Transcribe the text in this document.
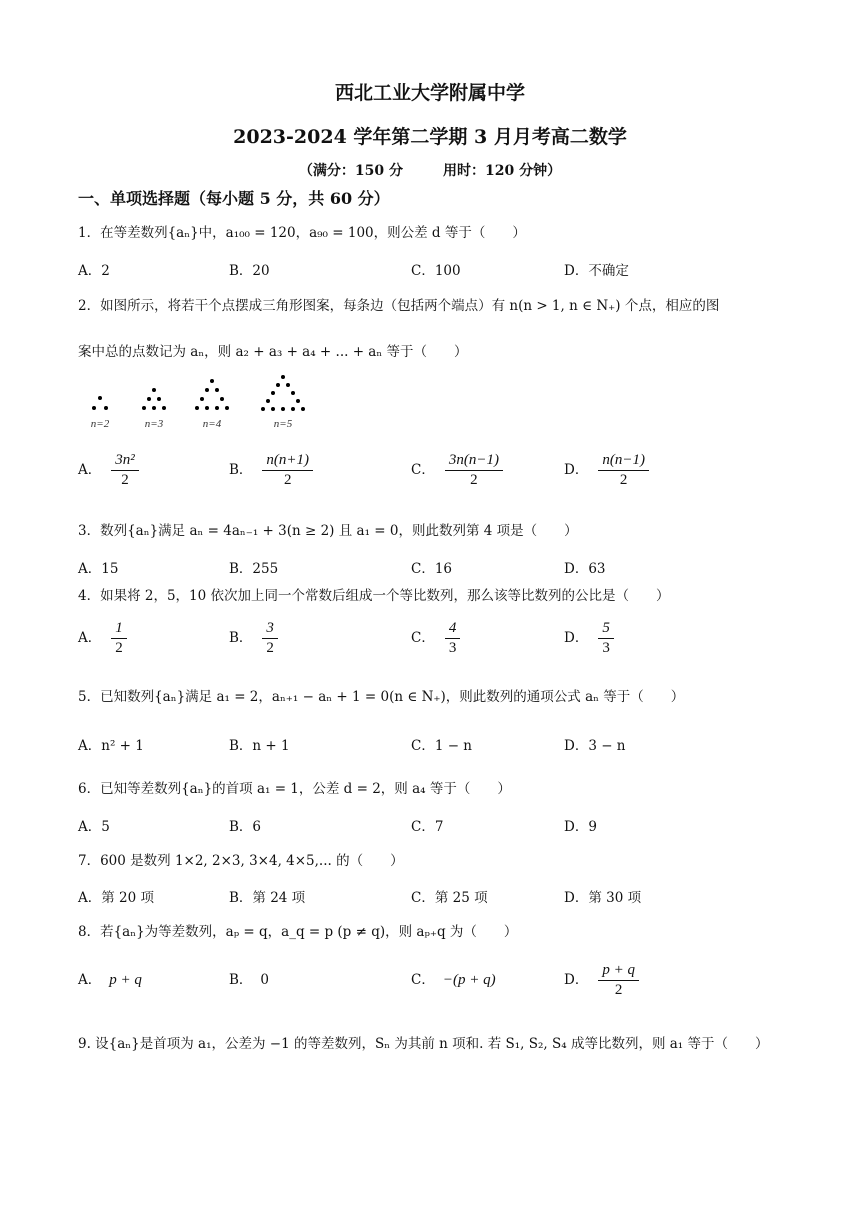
西北工业大学附属中学
2023-2024 学年第二学期 3 月月考高二数学
（满分：150 分	用时：120 分钟）
一、单项选择题（每小题 5 分，共 60 分）
1．在等差数列{aₙ}中，a₁₀₀ = 120，a₉₀ = 100，则公差 d 等于（　　）
A．2	B．20	C．100	D．不确定
2．如图所示，将若干个点摆成三角形图案，每条边（包括两个端点）有 n(n > 1, n ∈ N₊) 个点，相应的图
案中总的点数记为 aₙ，则 a₂ + a₃ + a₄ + ... + aₙ 等于（　　）
n=2	n=3	n=4	n=5
A． $\frac{\text{3n²}}{2}$	B． $\frac{n(n+1)}{2}$	C． $\frac{3n(n-1)}{2}$	D． $\frac{n(n-1)}{2}$
3．数列{aₙ}满足 aₙ = 4aₙ₋₁ + 3(n ≥ 2) 且 a₁ = 0，则此数列第 4 项是（　　）
A．15	B．255	C．16	D．63
4．如果将 2，5，10 依次加上同一个常数后组成一个等比数列，那么该等比数列的公比是（　　）
A． $\frac{1}{2}$	B． $\frac{3}{2}$	C． $\frac{4}{3}$	D． $\frac{5}{3}$
5．已知数列{aₙ}满足 a₁ = 2，aₙ₊₁ − aₙ + 1 = 0(n ∈ N₊)，则此数列的通项公式 aₙ 等于（　　）
A．n² + 1	B．n + 1	C．1 − n	D．3 − n
6．已知等差数列{aₙ}的首项 a₁ = 1，公差 d = 2，则 a₄ 等于（　　）
A．5	B．6	C．7	D．9
7．600 是数列 1×2, 2×3, 3×4, 4×5,... 的（　　）
A．第 20 项	B．第 24 项	C．第 25 项	D．第 30 项
8．若{aₙ}为等差数列，aₚ = q，a_q = p (p ≠ q)，则 aₚ₊q 为（　　）
A． p + q	B． 0	C． −(p + q)	D． $\frac{p + q}{2}$
9. 设{aₙ}是首项为 a₁，公差为 −1 的等差数列，Sₙ 为其前 n 项和. 若 S₁, S₂, S₄ 成等比数列，则 a₁ 等于（　　）
